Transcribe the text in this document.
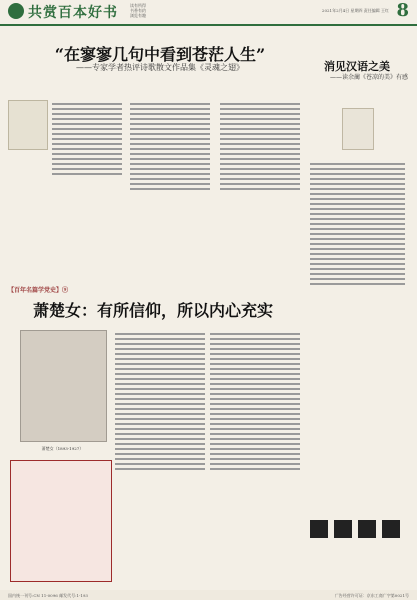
共赏百本好书	读有所得
书香有约
浏览有趣
2021年2月4日 星期四 责任编辑 王红 8
“在寥寥几句中看到苍茫人生”
——专家学者热评诗歌散文作品集《灵魂之翅》	消见汉语之美
——读余蔺《苍凉的美》有感
【百年名篇学党史】⑨
萧楚女：有所信仰，所以内心充实
萧楚女（1893-1927）
国内统一刊号:CN 11-0096 邮发代号:1-193	广告经营许可证：京东工商广字第0021号
